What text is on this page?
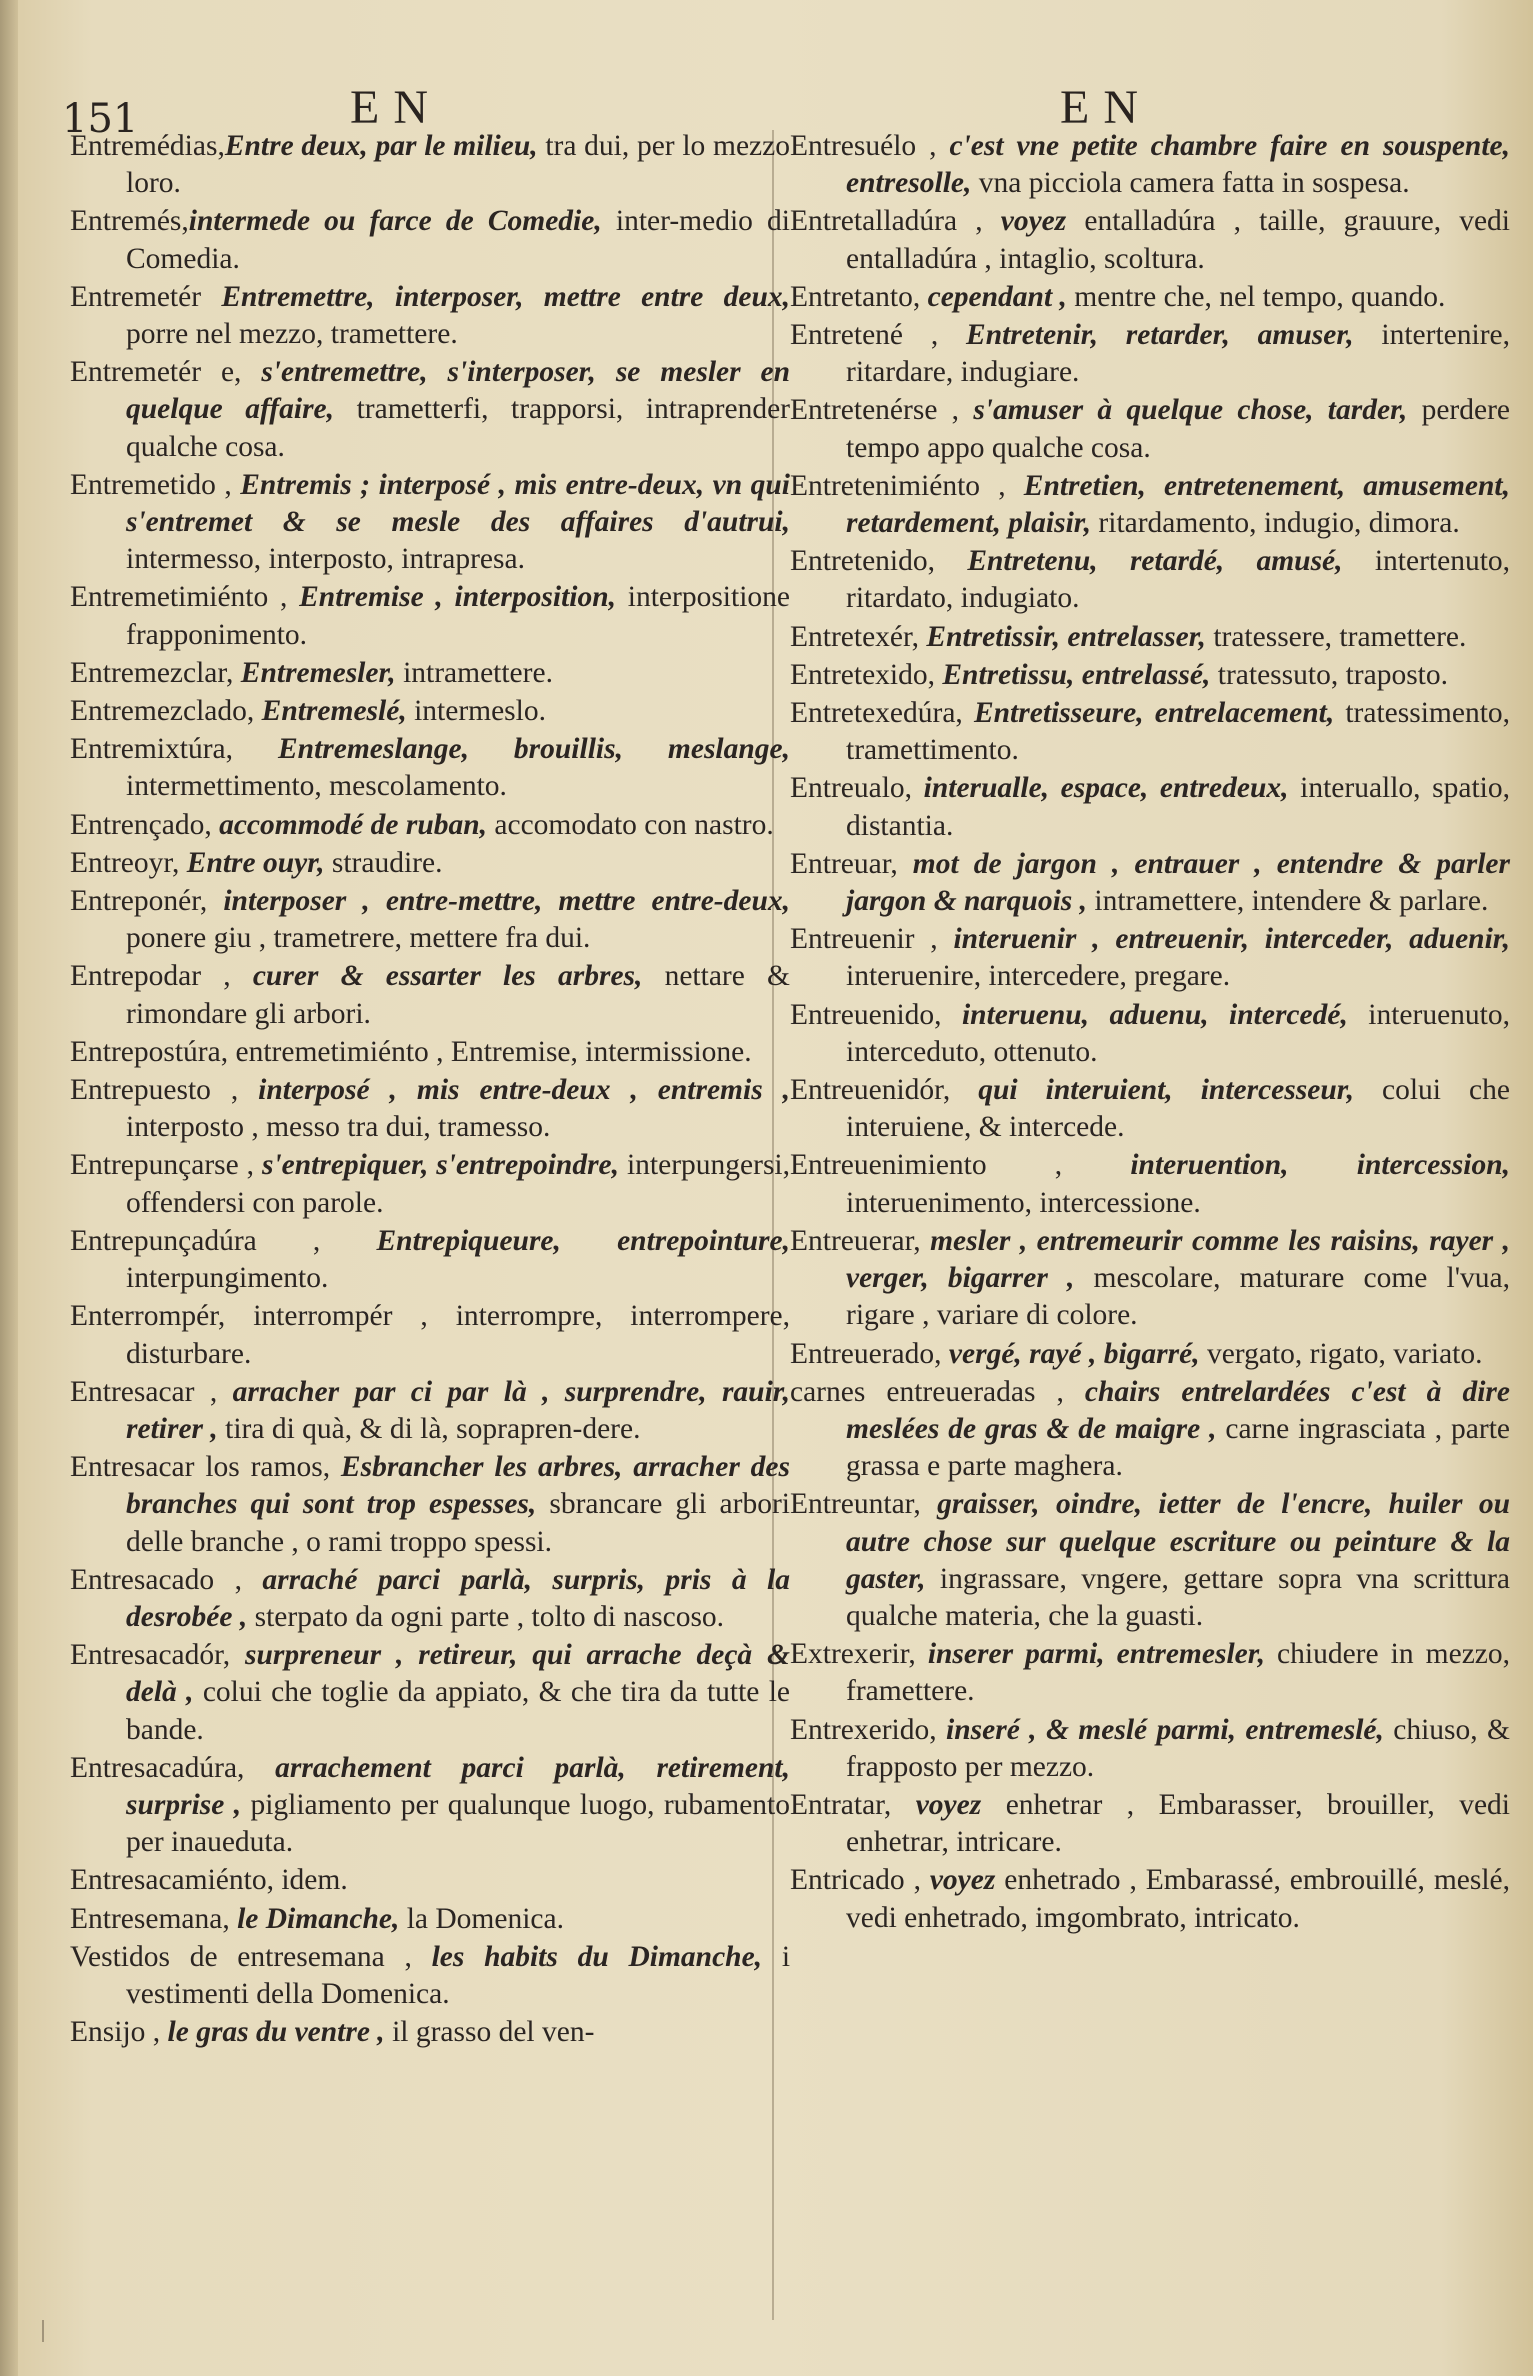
151	EN	EN

Entremédias,Entre deux, par le milieu, tra dui, per lo mezzo loro.

Entremés,intermede ou farce de Comedie, inter-medio di Comedia.

Entremetér Entremettre, interposer, mettre entre deux, porre nel mezzo, tramettere.

Entremetér e, s'entremettre, s'interposer, se mesler en quelque affaire, trametterfi, trapporsi, intraprender qualche cosa.

Entremetido , Entremis ; interposé , mis entre-deux, vn qui s'entremet & se mesle des affaires d'autrui, intermesso, interposto, intrapresa.

Entremetimiénto , Entremise , interposition, interpositione frapponimento.

Entremezclar, Entremesler, intramettere.

Entremezclado, Entremeslé, intermeslo.

Entremixtúra, Entremeslange, brouillis, meslange, intermettimento, mescolamento.

Entrençado, accommodé de ruban, accomodato con nastro.

Entreoyr, Entre ouyr, straudire.

Entreponér, interposer , entre-mettre, mettre entre-deux, ponere giu , trametrere, mettere fra dui.

Entrepodar , curer & essarter les arbres, nettare & rimondare gli arbori.

Entrepostúra, entremetimiénto , Entremise, intermissione.

Entrepuesto , interposé , mis entre-deux , entremis , interposto , messo tra dui, tramesso.

Entrepunçarse , s'entrepiquer, s'entrepoindre, interpungersi, offendersi con parole.

Entrepunçadúra , Entrepiqueure, entrepointure, interpungimento.

Enterrompér, interrompér , interrompre, interrompere, disturbare.

Entresacar , arracher par ci par là , surprendre, rauir, retirer , tira di quà, & di là, soprapren-dere.

Entresacar los ramos, Esbrancher les arbres, arracher des branches qui sont trop espesses, sbrancare gli arbori delle branche , o rami troppo spessi.

Entresacado , arraché parci parlà, surpris, pris à la desrobée , sterpato da ogni parte , tolto di nascoso.

Entresacadór, surpreneur , retireur, qui arrache deçà & delà , colui che toglie da appiato, & che tira da tutte le bande.

Entresacadúra, arrachement parci parlà, retirement, surprise , pigliamento per qualunque luogo, rubamento per inaueduta.

Entresacamiénto, idem.

Entresemana, le Dimanche, la Domenica.

Vestidos de entresemana , les habits du Dimanche, i vestimenti della Domenica.

Ensijo , le gras du ventre , il grasso del ven-

Entresuélo , c'est vne petite chambre faire en souspente, entresolle, vna picciola camera fatta in sospesa.

Entretalladúra , voyez entalladúra , taille, grauure, vedi entalladúra , intaglio, scoltura.

Entretanto, cependant , mentre che, nel tempo, quando.

Entretené , Entretenir, retarder, amuser, intertenire, ritardare, indugiare.

Entretenérse , s'amuser à quelque chose, tarder, perdere tempo appo qualche cosa.

Entretenimiénto , Entretien, entretenement, amusement, retardement, plaisir, ritardamento, indugio, dimora.

Entretenido, Entretenu, retardé, amusé, intertenuto, ritardato, indugiato.

Entretexér, Entretissir, entrelasser, tratessere, tramettere.

Entretexido, Entretissu, entrelassé, tratessuto, traposto.

Entretexedúra, Entretisseure, entrelacement, tratessimento, tramettimento.

Entreualo, interualle, espace, entredeux, interuallo, spatio, distantia.

Entreuar, mot de jargon , entrauer , entendre & parler jargon & narquois , intramettere, intendere & parlare.

Entreuenir , interuenir , entreuenir, interceder, aduenir, interuenire, intercedere, pregare.

Entreuenido, interuenu, aduenu, intercedé, interuenuto, interceduto, ottenuto.

Entreuenidór, qui interuient, intercesseur, colui che interuiene, & intercede.

Entreuenimiento , interuention, intercession, interuenimento, intercessione.

Entreuerar, mesler , entremeurir comme les raisins, rayer , verger, bigarrer , mescolare, maturare come l'vua, rigare , variare di colore.

Entreuerado, vergé, rayé , bigarré, vergato, rigato, variato.

carnes entreueradas , chairs entrelardées c'est à dire meslées de gras & de maigre , carne ingrasciata , parte grassa e parte maghera.

Entreuntar, graisser, oindre, ietter de l'encre, huiler ou autre chose sur quelque escriture ou peinture & la gaster, ingrassare, vngere, gettare sopra vna scrittura qualche materia, che la guasti.

Extrexerir, inserer parmi, entremesler, chiudere in mezzo, framettere.

Entrexerido, inseré , & meslé parmi, entremeslé, chiuso, & frapposto per mezzo.

Entratar, voyez enhetrar , Embarasser, brouiller, vedi enhetrar, intricare.

Entricado , voyez enhetrado , Embarassé, embrouillé, meslé, vedi enhetrado, imgombrato, intricato.
